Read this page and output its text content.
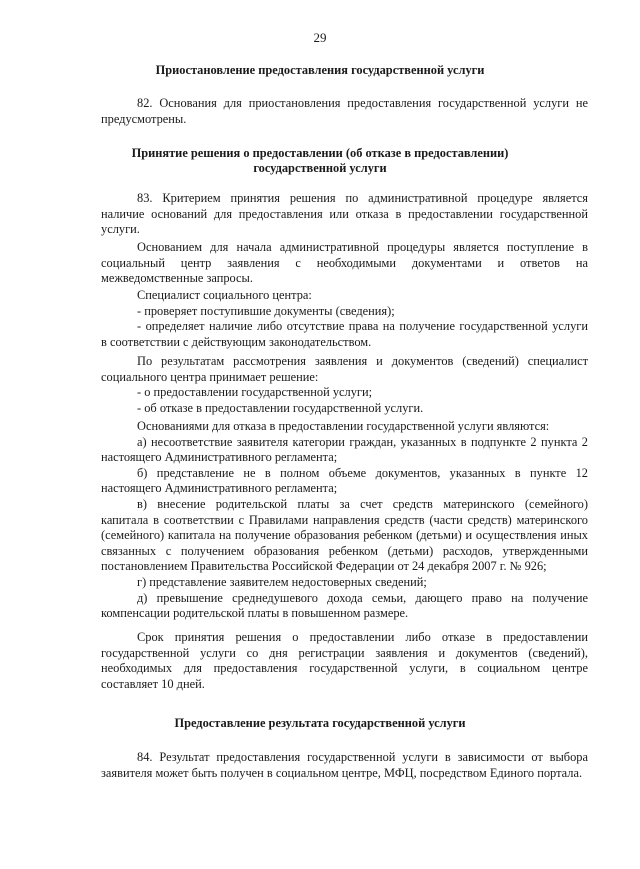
29
Приостановление предоставления государственной услуги
82. Основания для приостановления предоставления государственной услуги не
предусмотрены.
Принятие решения о предоставлении (об отказе в предоставлении)
государственной услуги
83. Критерием принятия решения по административной процедуре является
наличие оснований для предоставления или отказа в предоставлении государственной
услуги.
Основанием для начала административной процедуры является поступление в
социальный центр заявления с необходимыми документами и ответов на
межведомственные запросы.
Специалист социального центра:
- проверяет поступившие документы (сведения);
- определяет наличие либо отсутствие права на получение государственной услуги
в соответствии с действующим законодательством.
По результатам рассмотрения заявления и документов (сведений) специалист
социального центра принимает решение:
- о предоставлении государственной услуги;
- об отказе в предоставлении государственной услуги.
Основаниями для отказа в предоставлении государственной услуги являются:
а) несоответствие заявителя категории граждан, указанных в подпункте 2 пункта 2
настоящего Административного регламента;
б) представление не в полном объеме документов, указанных в пункте 12
настоящего Административного регламента;
в) внесение родительской платы за счет средств материнского (семейного)
капитала в соответствии с Правилами направления средств (части средств) материнского
(семейного) капитала на получение образования ребенком (детьми) и осуществления иных
связанных с получением образования ребенком (детьми) расходов, утвержденными
постановлением Правительства Российской Федерации от 24 декабря 2007 г. № 926;
г) представление заявителем недостоверных сведений;
д) превышение среднедушевого дохода семьи, дающего право на получение
компенсации родительской платы в повышенном размере.
Срок принятия решения о предоставлении либо отказе в предоставлении
государственной услуги со дня регистрации заявления и документов (сведений),
необходимых для предоставления государственной услуги, в социальном центре
составляет 10 дней.
Предоставление результата государственной услуги
84. Результат предоставления государственной услуги в зависимости от выбора
заявителя может быть получен в социальном центре, МФЦ, посредством Единого портала.
